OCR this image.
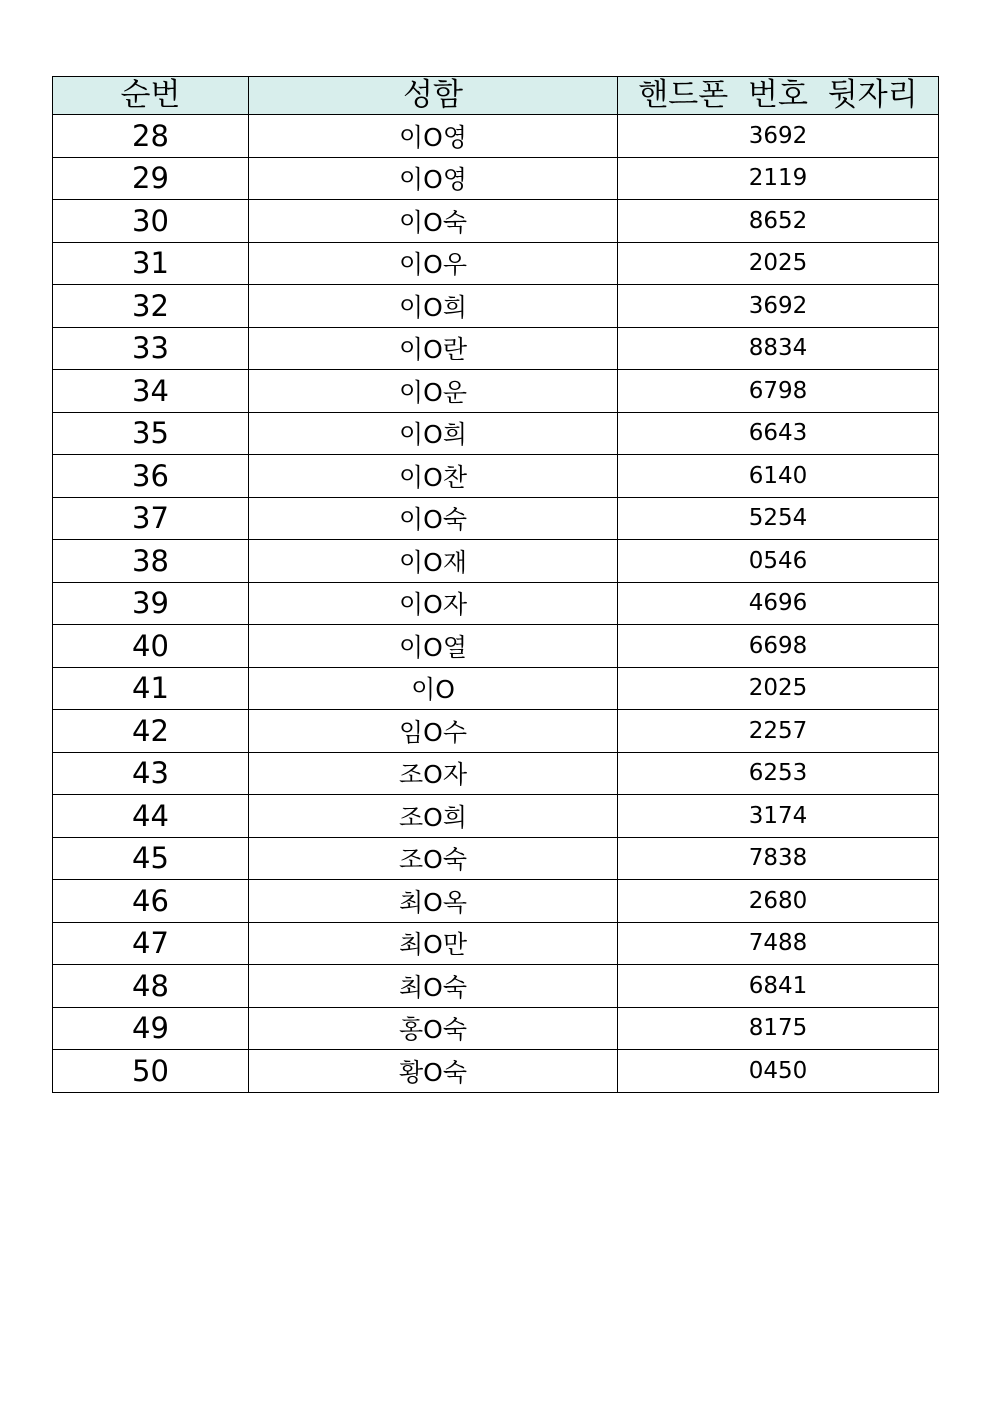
순번	성함	핸드폰 번호 뒷자리
28	이O영	3692
29	이O영	2119
30	이O숙	8652
31	이O우	2025
32	이O희	3692
33	이O란	8834
34	이O운	6798
35	이O희	6643
36	이O찬	6140
37	이O숙	5254
38	이O재	0546
39	이O자	4696
40	이O열	6698
41	이O	2025
42	임O수	2257
43	조O자	6253
44	조O희	3174
45	조O숙	7838
46	최O옥	2680
47	최O만	7488
48	최O숙	6841
49	홍O숙	8175
50	황O숙	0450
